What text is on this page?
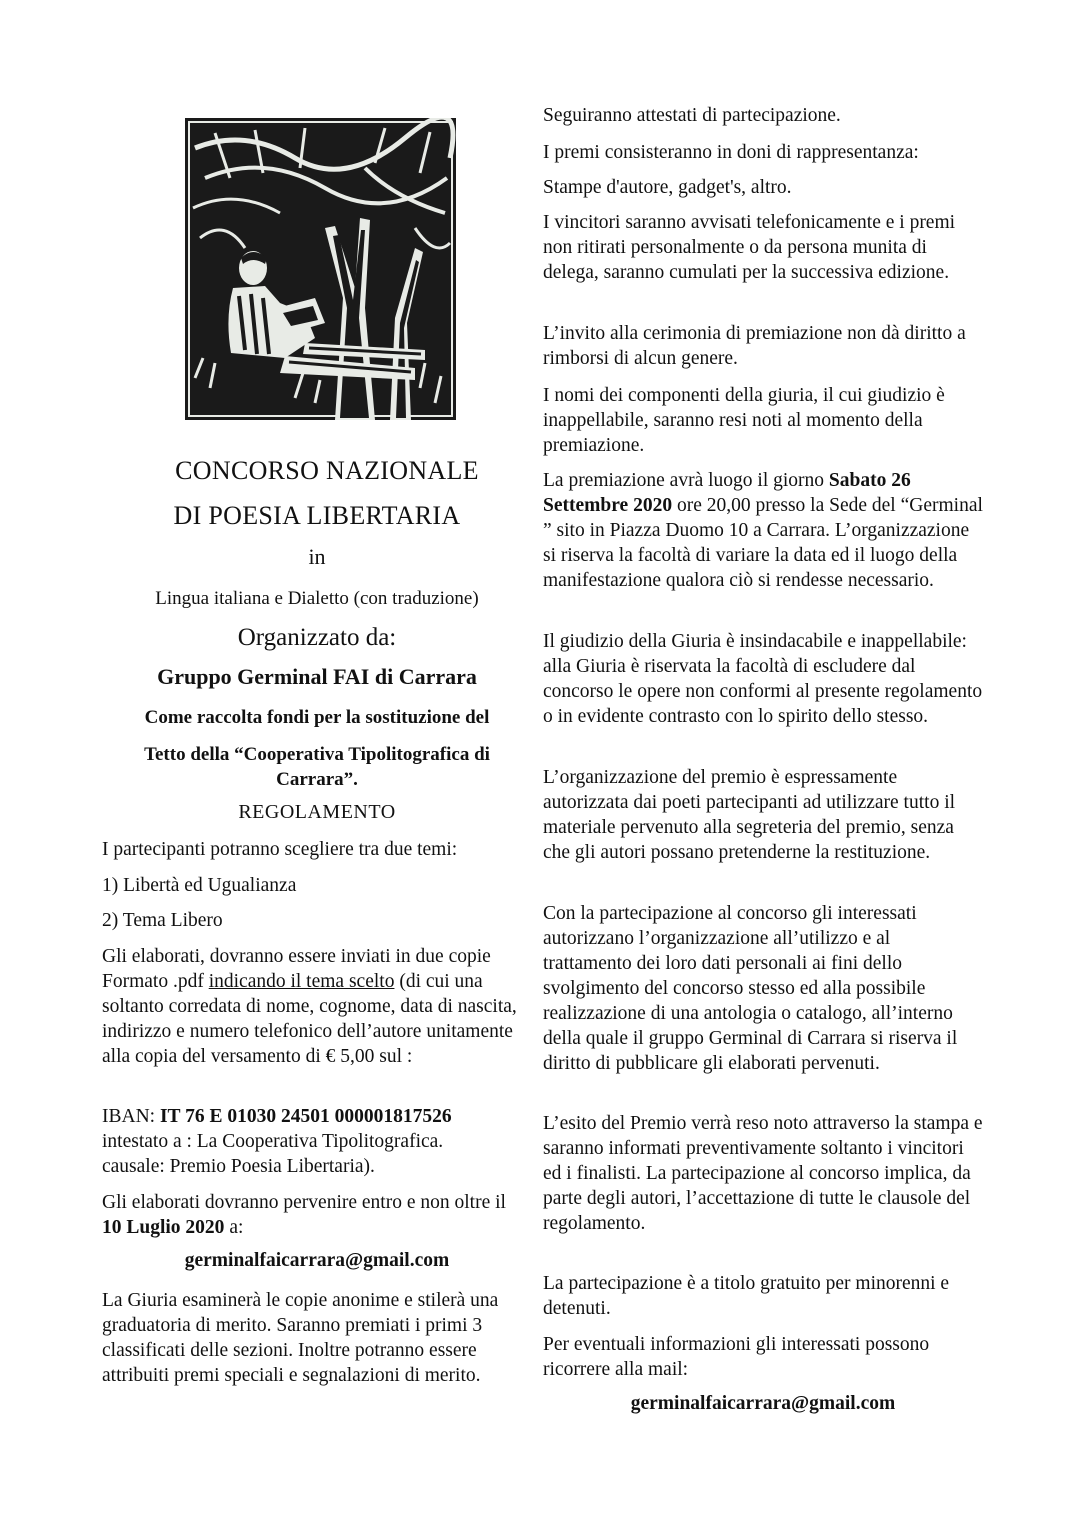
CONCORSO NAZIONALE
DI POESIA LIBERTARIA
in
Lingua italiana e Dialetto (con traduzione)
Organizzato da:
Gruppo Germinal FAI di Carrara
Come raccolta fondi per la sostituzione del
Tetto della “Cooperativa Tipolitografica di Carrara”.
REGOLAMENTO

I partecipanti potranno scegliere tra due temi:

1) Libertà ed Ugualianza

2) Tema Libero

Gli elaborati, dovranno essere inviati in due copie Formato .pdf indicando il tema scelto (di cui una soltanto corredata di nome, cognome, data di nascita, indirizzo e numero telefonico dell’autore unitamente alla copia del versamento di € 5,00 sul :

IBAN: IT 76 E 01030 24501 000001817526
intestato a : La Cooperativa Tipolitografica.
causale: Premio Poesia Libertaria).

Gli elaborati dovranno pervenire entro e non oltre il 10 Luglio 2020 a:

germinalfaicarrara@gmail.com

La Giuria esaminerà le copie anonime e stilerà una graduatoria di merito. Saranno premiati i primi 3 classificati delle sezioni. Inoltre potranno essere attribuiti premi speciali e segnalazioni di merito.

Seguiranno attestati di partecipazione.

I premi consisteranno in doni di rappresentanza:

Stampe d'autore, gadget's, altro.

I vincitori saranno avvisati telefonicamente e i premi non ritirati personalmente o da persona munita di delega, saranno cumulati per la successiva edizione.

L’invito alla cerimonia di premiazione non dà diritto a rimborsi di alcun genere.

I nomi dei componenti della giuria, il cui giudizio è inappellabile, saranno resi noti al momento della premiazione.

La premiazione avrà luogo il giorno Sabato 26 Settembre 2020 ore 20,00 presso la Sede del “Germinal ” sito in Piazza Duomo 10 a Carrara. L’organizzazione si riserva la facoltà di variare la data ed il luogo della manifestazione qualora ciò si rendesse necessario.

Il giudizio della Giuria è insindacabile e inappellabile: alla Giuria è riservata la facoltà di escludere dal concorso le opere non conformi al presente regolamento o in evidente contrasto con lo spirito dello stesso.

L’organizzazione del premio è espressamente autorizzata dai poeti partecipanti ad utilizzare tutto il materiale pervenuto alla segreteria del premio, senza che gli autori possano pretenderne la restituzione.

Con la partecipazione al concorso gli interessati autorizzano l’organizzazione all’utilizzo e al trattamento dei loro dati personali ai fini dello svolgimento del concorso stesso ed alla possibile realizzazione di una antologia o catalogo, all’interno della quale il gruppo Germinal di Carrara si riserva il diritto di pubblicare gli elaborati pervenuti.

L’esito del Premio verrà reso noto attraverso la stampa e saranno informati preventivamente soltanto i vincitori ed i finalisti. La partecipazione al concorso implica, da parte degli autori, l’accettazione di tutte le clausole del regolamento.

La partecipazione è a titolo gratuito per minorenni e detenuti.

Per eventuali informazioni gli interessati possono ricorrere alla mail:

germinalfaicarrara@gmail.com
